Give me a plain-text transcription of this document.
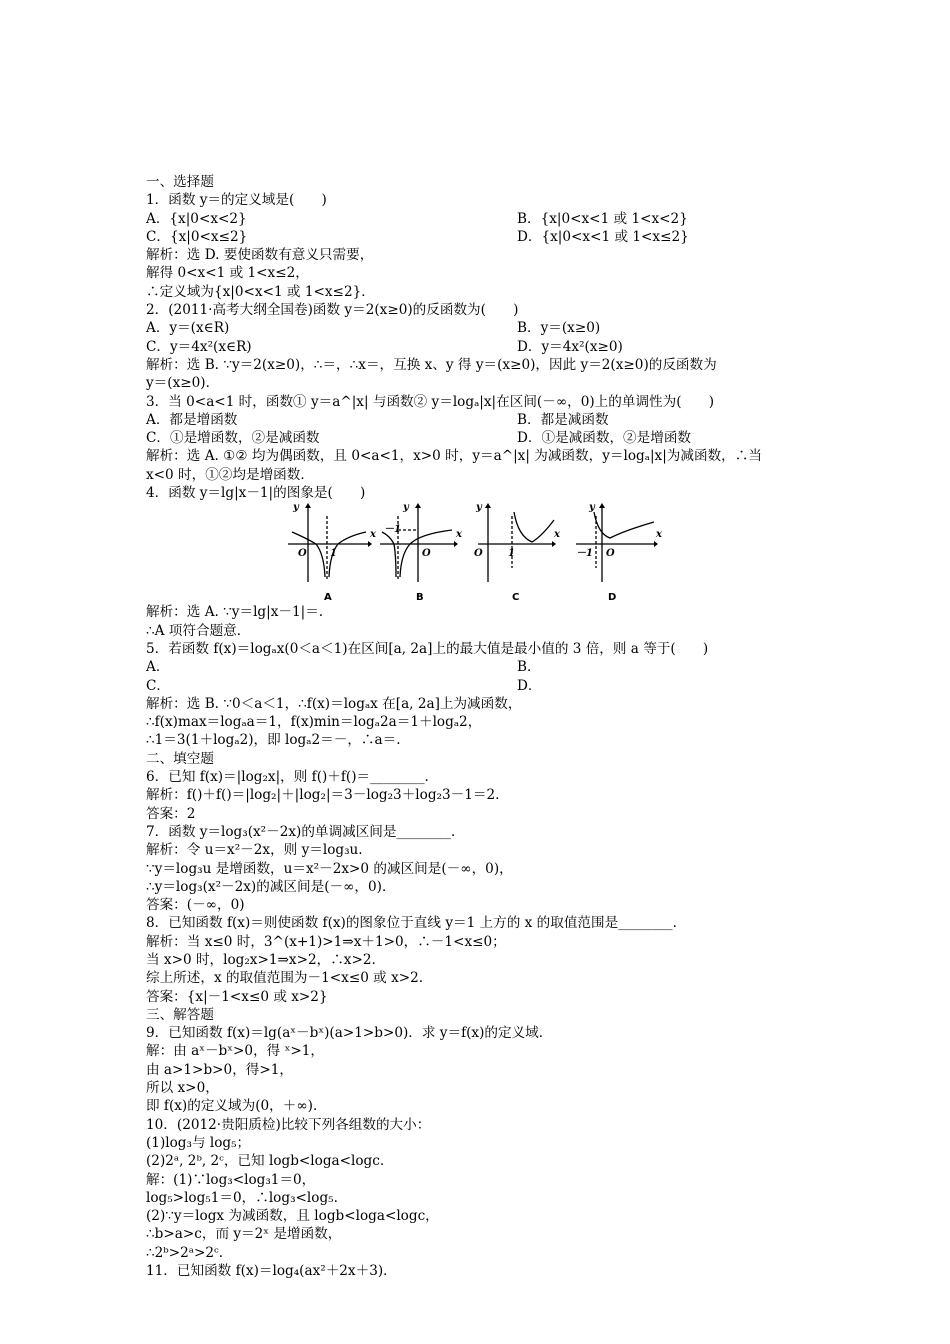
一、选择题
1．函数 y＝的定义域是(　　)
A．{x|0<x<2}	B．{x|0<x<1 或 1<x<2}
C．{x|0<x≤2}	D．{x|0<x<1 或 1<x≤2}
解析：选 D. 要使函数有意义只需要，
解得 0<x<1 或 1<x≤2，
∴定义域为{x|0<x<1 或 1<x≤2}．
2．(2011·高考大纲全国卷)函数 y＝2(x≥0)的反函数为(　　)
A．y＝(x∈R)	B．y＝(x≥0)
C．y＝4x²(x∈R)	D．y＝4x²(x≥0)
解析：选 B. ∵y＝2(x≥0)，∴＝，∴x＝，互换 x、y 得 y＝(x≥0)，因此 y＝2(x≥0)的反函数为
y＝(x≥0)．
3．当 0<a<1 时，函数① y＝a^|x| 与函数② y＝logₐ|x|在区间(－∞，0)上的单调性为(　　)
A．都是增函数	B．都是减函数
C．①是增函数，②是减函数	D．①是减函数，②是增函数
解析：选 A. ①② 均为偶函数，且 0<a<1，x>0 时，y＝a^|x| 为减函数，y＝logₐ|x|为减函数，∴当
x<0 时，①②均是增函数．
4．函数 y＝lg|x－1|的图象是(　　)
O 1
x
y
－1
O
x
y
O	1
x
y
－1 O
x
y
A	B	C	D
解析：选 A. ∵y＝lg|x－1|＝.
∴A 项符合题意．
5．若函数 f(x)＝logₐx(0＜a＜1)在区间[a, 2a]上的最大值是最小值的 3 倍，则 a 等于(　　)
A．	B．
C．	D．
解析：选 B. ∵0＜a＜1，∴f(x)＝logₐx 在[a, 2a]上为减函数，
∴f(x)max＝logₐa＝1，f(x)min＝logₐ2a＝1＋logₐ2，
∴1＝3(1＋logₐ2)，即 logₐ2＝－，∴a＝.
二、填空题
6．已知 f(x)＝|log₂x|，则 f()＋f()＝________.
解析：f()＋f()＝|log₂|＋|log₂|＝3－log₂3＋log₂3－1＝2.
答案：2
7．函数 y＝log₃(x²－2x)的单调减区间是________.
解析：令 u＝x²－2x，则 y＝log₃u.
∵y＝log₃u 是增函数，u＝x²－2x>0 的减区间是(－∞，0)，
∴y＝log₃(x²－2x)的减区间是(－∞，0)．
答案：(－∞，0)
8．已知函数 f(x)＝则使函数 f(x)的图象位于直线 y＝1 上方的 x 的取值范围是________.
解析：当 x≤0 时，3^(x+1)>1⇒x＋1>0，∴－1<x≤0；
当 x>0 时，log₂x>1⇒x>2，∴x>2.
综上所述，x 的取值范围为－1<x≤0 或 x>2.
答案：{x|－1<x≤0 或 x>2}
三、解答题
9．已知函数 f(x)＝lg(aˣ－bˣ)(a>1>b>0)．求 y＝f(x)的定义域．
解：由 aˣ－bˣ>0，得 ˣ>1，
由 a>1>b>0，得>1，
所以 x>0，
即 f(x)的定义域为(0，＋∞)．
10．(2012·贵阳质检)比较下列各组数的大小：
(1)log₃与 log₅；
(2)2ᵃ, 2ᵇ, 2ᶜ，已知 logb<loga<logc.
解：(1)∵log₃<log₃1＝0，
log₅>log₅1＝0，∴log₃<log₅.
(2)∵y＝logx 为减函数，且 logb<loga<logc，
∴b>a>c，而 y＝2ˣ 是增函数，
∴2ᵇ>2ᵃ>2ᶜ.
11．已知函数 f(x)＝log₄(ax²＋2x＋3)．
